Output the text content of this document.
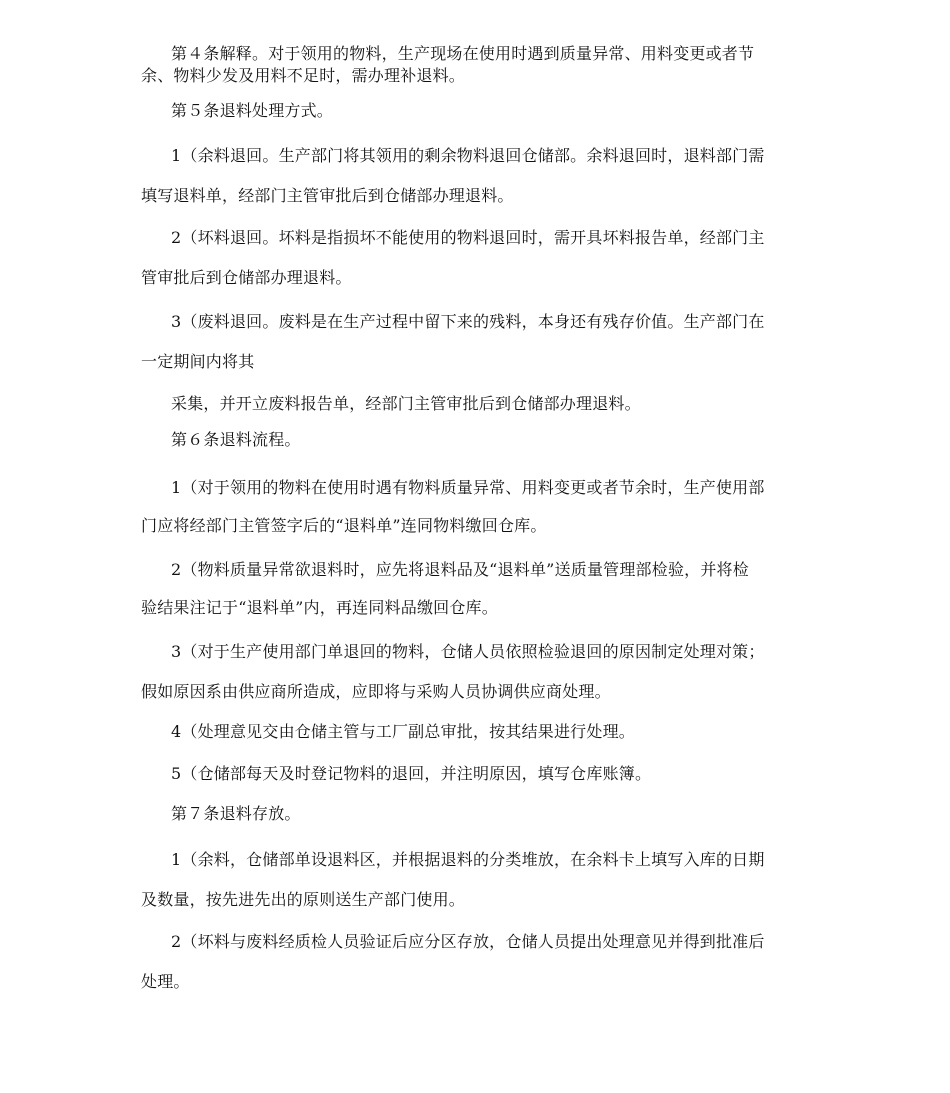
第４条解释。对于领用的物料，生产现场在使用时遇到质量异常、用料变更或者节
余、物料少发及用料不足时，需办理补退料。
第５条退料处理方式。
1（余料退回。生产部门将其领用的剩余物料退回仓储部。余料退回时，退料部门需
填写退料单，经部门主管审批后到仓储部办理退料。
2（坏料退回。坏料是指损坏不能使用的物料退回时，需开具坏料报告单，经部门主
管审批后到仓储部办理退料。
3（废料退回。废料是在生产过程中留下来的残料，本身还有残存价值。生产部门在
一定期间内将其
采集，并开立废料报告单，经部门主管审批后到仓储部办理退料。
第６条退料流程。
1（对于领用的物料在使用时遇有物料质量异常、用料变更或者节余时，生产使用部
门应将经部门主管签字后的“退料单”连同物料缴回仓库。
2（物料质量异常欲退料时，应先将退料品及“退料单”送质量管理部检验，并将检
验结果注记于“退料单”内，再连同料品缴回仓库。
3（对于生产使用部门单退回的物料，仓储人员依照检验退回的原因制定处理对策；
假如原因系由供应商所造成，应即将与采购人员协调供应商处理。
4（处理意见交由仓储主管与工厂副总审批，按其结果进行处理。
5（仓储部每天及时登记物料的退回，并注明原因，填写仓库账簿。
第７条退料存放。
1（余料，仓储部单设退料区，并根据退料的分类堆放，在余料卡上填写入库的日期
及数量，按先进先出的原则送生产部门使用。
2（坏料与废料经质检人员验证后应分区存放，仓储人员提出处理意见并得到批准后
处理。
